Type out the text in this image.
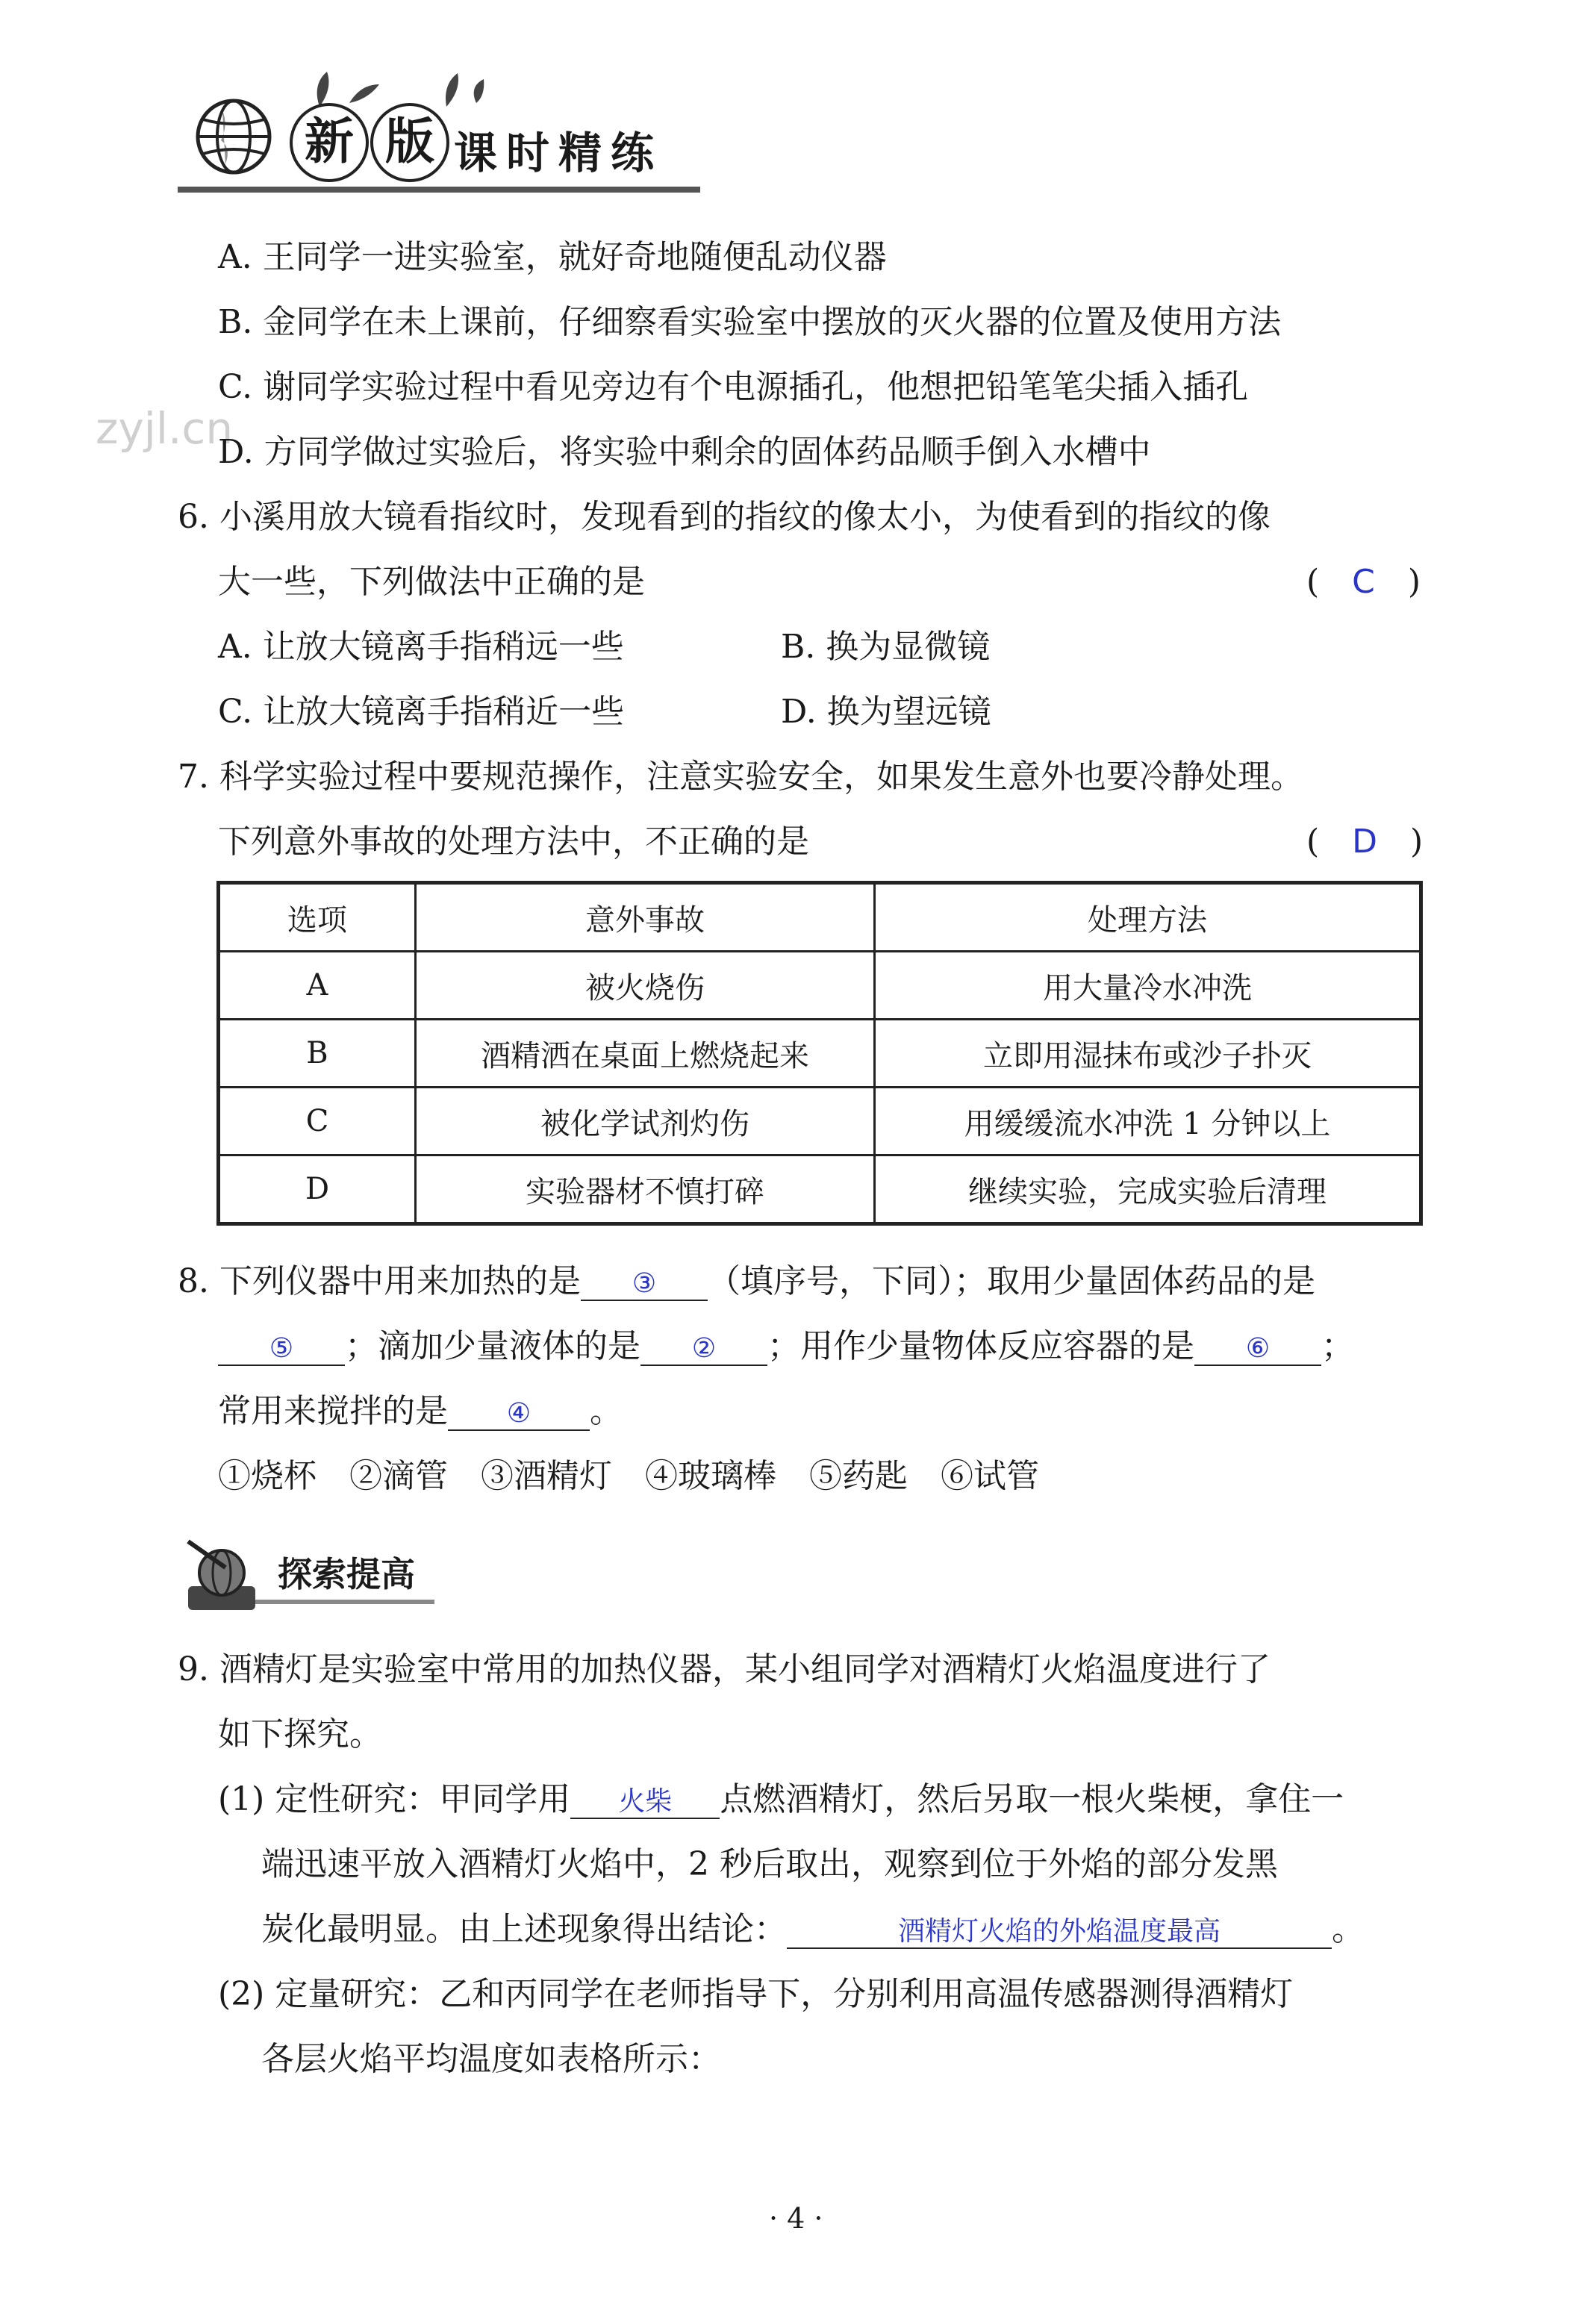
新 版 课时精练
zyjl.cn
A. 王同学一进实验室，就好奇地随便乱动仪器
B. 金同学在未上课前，仔细察看实验室中摆放的灭火器的位置及使用方法
C. 谢同学实验过程中看见旁边有个电源插孔，他想把铅笔笔尖插入插孔
D. 方同学做过实验后，将实验中剩余的固体药品顺手倒入水槽中
6. 小溪用放大镜看指纹时，发现看到的指纹的像太小，为使看到的指纹的像
大一些，下列做法中正确的是	(　C　)
A. 让放大镜离手指稍远一些	B. 换为显微镜
C. 让放大镜离手指稍近一些	D. 换为望远镜
7. 科学实验过程中要规范操作，注意实验安全，如果发生意外也要冷静处理。
下列意外事故的处理方法中，不正确的是	(　D　)
选项	意外事故	处理方法
A	被火烧伤	用大量冷水冲洗
B	酒精洒在桌面上燃烧起来	立即用湿抹布或沙子扑灭
C	被化学试剂灼伤	用缓缓流水冲洗 1 分钟以上
D	实验器材不慎打碎	继续实验，完成实验后清理
8. 下列仪器中用来加热的是 ③ （填序号，下同）；取用少量固体药品的是
⑤ ；滴加少量液体的是 ② ；用作少量物体反应容器的是 ⑥ ；
常用来搅拌的是 ④ 。
①烧杯　②滴管　③酒精灯　④玻璃棒　⑤药匙　⑥试管
探索提高
9. 酒精灯是实验室中常用的加热仪器，某小组同学对酒精灯火焰温度进行了
如下探究。
(1) 定性研究：甲同学用 火柴 点燃酒精灯，然后另取一根火柴梗，拿住一
端迅速平放入酒精灯火焰中，2 秒后取出，观察到位于外焰的部分发黑
炭化最明显。由上述现象得出结论：	酒精灯火焰的外焰温度最高	。
(2) 定量研究：乙和丙同学在老师指导下，分别利用高温传感器测得酒精灯
各层火焰平均温度如表格所示：
· 4 ·
